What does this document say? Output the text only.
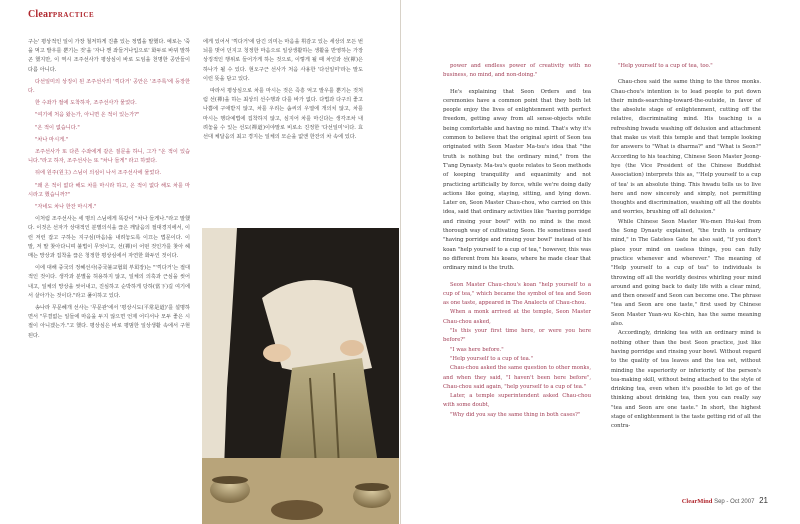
ClearPRACTICE

구는' 평상적인 일이 가장 철저하게 진흙 있는 정법을 말했다. 예로는 '죽을 먹고 발우를 뿐기는 것'을 '자나 깬 좌들거나입으로' 화두로 바뀌 말하곤 했지만, 이 역시 조주선사가 평상심이 바로 도임을 천명한 공안들이 다름 아니다.

다선일미의 상징이 된 조주선사의 '끽다거' 공안은 '조주록'에 등장한다.

한 수좌가 절에 도착하자, 조주선사가 물었다.

"여기에 처음 왔는가, 아니면 온 적이 있는가?"

"온 적이 없습니다."

"차나 마시게."

조주선사가 또 다른 수좌에게 같은 질문을 하니, 그가 "온 적이 있습니다."라고 하자, 조주선사는 또 "차나 들게" 라고 하였다.

뒤에 원주(원主) 스님이 의심이 나서 조주선사에 물었다.

"왜 온 적이 없다 해도 차를 마시라 하고, 온 적이 없다 해도 차를 마시라고 했습니까?"

"자네도 차나 한잔 마시게."

이처럼 조주선사는 세 명의 스님에게 똑같이 "차나 들게나."라고 말했다. 이것은 선자가 상대적인 분별의식을 끊은 깨달음의 절대경지에서, 이런 저런 잡고 구하는 지구심(마음)을 내려놓도록 이끄는 법문이다. 이 말, 저 말 찾아다니며 불법이 무엇이고, 선(禪)이 어떤 것인가를 찾아 헤매는 망상과 집착을 끊은 청정한 평상심에서 자연한 화두인 것이다.

이에 대해 중국의 정혜선사(중국불교협회 부회장)는 "'끽다거'는 절대적인 것이다. 생각과 분별을 허용하지 않고, 일체의 의혹과 근심을 씻어내고, 일체의 망상을 씻어내고, 진심하고 순박하게 당하(當下)길 여기에서 살아가는 것이다."라고 풀이하고 있다.

송나라 무문혜개 선사는 '무문관'에서 '평상시도(平常是道)'를 설명하면서 "무결없는 일들에 마음을 두지 않으면 언제 어디서나 모두 좋은 시절이 아니겠는가."고 했다. 평상심은 바로 평범한 일상생활 속에서 구현된다.

에게 있어서 '끽다거'에 담긴 의미는 마음을 휘감고 있는 세상의 모든 번뇌를 벗어 던지고 청정한 마음으로 일상생활하는 생활을 반영하는 가장 상징적인 행위로 들어가게 하는 것으로, 이렇게 될 때 차인과 선(禪)은 하나가 될 수 있다. 현오구근 선사가 처음 사용한 '다선일미'라는 말도 이런 뜻을 담고 있다.

따라서 평상심으로 차를 마시는 것은 즉흥 억고 발우를 뿐기는 것처럼 선(禪)을 하는 최상의 선수행과 다를 바가 없다. 다법과 다구의 좋고 나쁨에 구애받지 않고, 차를 우리는 솜씨의 우열에 개의치 않고, 차를 마시는 행다예법에 집착하지 않고, 심지어 차를 마신다는 생각조차 내려놓을 수 있는 선도(禪道)이야말로 비로소 진정한 '다선일미'이다. 효선대 체달음의 최고 경지는 일체의 모순을 없앤 한잔의 차 속에 있다.

power and endless power of creativity with no business, no mind, and non-doing."

He's explaining that Seon Orders and tea ceremonies have a common point that they both let people enjoy the lives of enlightenment with perfect freedom, getting away from all sense-objects while being comfortable and having no mind. That's why it's common to believe that the original spirit of Seon tea originated with Seon Master Ma-tsu's idea that "the truth is nothing but the ordinary mind," from the T'ang Dynasty. Ma-tsu's quote relates to Seon methods of keeping tranquility and equanimity and not practicing artificially by force, while we're doing daily actions like going, staying, sitting, and lying down. Later on, Seon Master Chau-chou, who carried on this idea, said that ordinary activities like "having porridge and rinsing your bowl" with no mind is the most thorough way of cultivating Seon. He sometimes used "having porridge and rinsing your bowl" instead of his koan "help yourself to a cup of tea," however, this was no different from his koans, where he made clear that ordinary mind is the truth.

Seon Master Chau-chou's koan "help yourself to a cup of tea," which became the symbol of tea and Seon as one taste, appeared in The Analects of Chau-chou.

When a monk arrived at the temple, Seon Master Chau-chou asked,

"Is this your first time here, or were you here before?"

"I was here before."

"Help yourself to a cup of tea."

Chau-chou asked the same question to other monks, and when they said, "I haven't been here before", Chau-chou said again, "help yourself to a cup of tea."

Later, a temple superintendent asked Chau-chou with some doubt,

"Why did you say the same thing in both cases?"

"Help yourself to a cup of tea, too."

Chau-chou said the same thing to the three monks. Chau-chou's intention is to lead people to put down their minds-searching-toward-the-outside, in favor of the absolute stage of enlightenment, cutting off the relative, discriminating mind. His teaching is a refreshing hwadu washing off delusion and attachment that make us visit this temple and that temple looking for answers to "What is dharma?" and "What is Seon?" According to his teaching, Chinese Seon Master Jeong-hye (the Vice President of the Chinese Buddhist Association) interprets this as, "'Help yourself to a cup of tea' is an absolute thing. This hwadu tells us to live here and now sincerely and simply, not permitting thoughts and discrimination, washing off all the doubts and worries, brushing off all delusion."

While Chinese Seon Master Wu-men Hui-kai from the Song Dynasty explained, "the truth is ordinary mind," in The Gateless Gate he also said, "if you don't place your mind on useless things, you can fully practice whenever and wherever." The meaning of "Help yourself to a cup of tea" to individuals is throwing off all the worldly desires whirling your mind around and going back to daily life with a clear mind, and then oneself and Seon can become one. The phrase "tea and Seon are one taste," first used by Chinese Seon Master Yuan-wu Ko-chin, has the same meaning also.

Accordingly, drinking tea with an ordinary mind is nothing other than the best Seon practice, just like having porridge and rinsing your bowl. Without regard to the quality of tea leaves and the tea set, without minding the superiority or inferiority of the person's tea-making skill, without being attached to the style of drinking tea, even when it's possible to let go of the thinking about drinking tea, then you can really say "tea and Seon are one taste." In short, the highest stage of enlightenment is the taste getting rid of all the contra-

ClearMind Sep - Oct 2007 21
